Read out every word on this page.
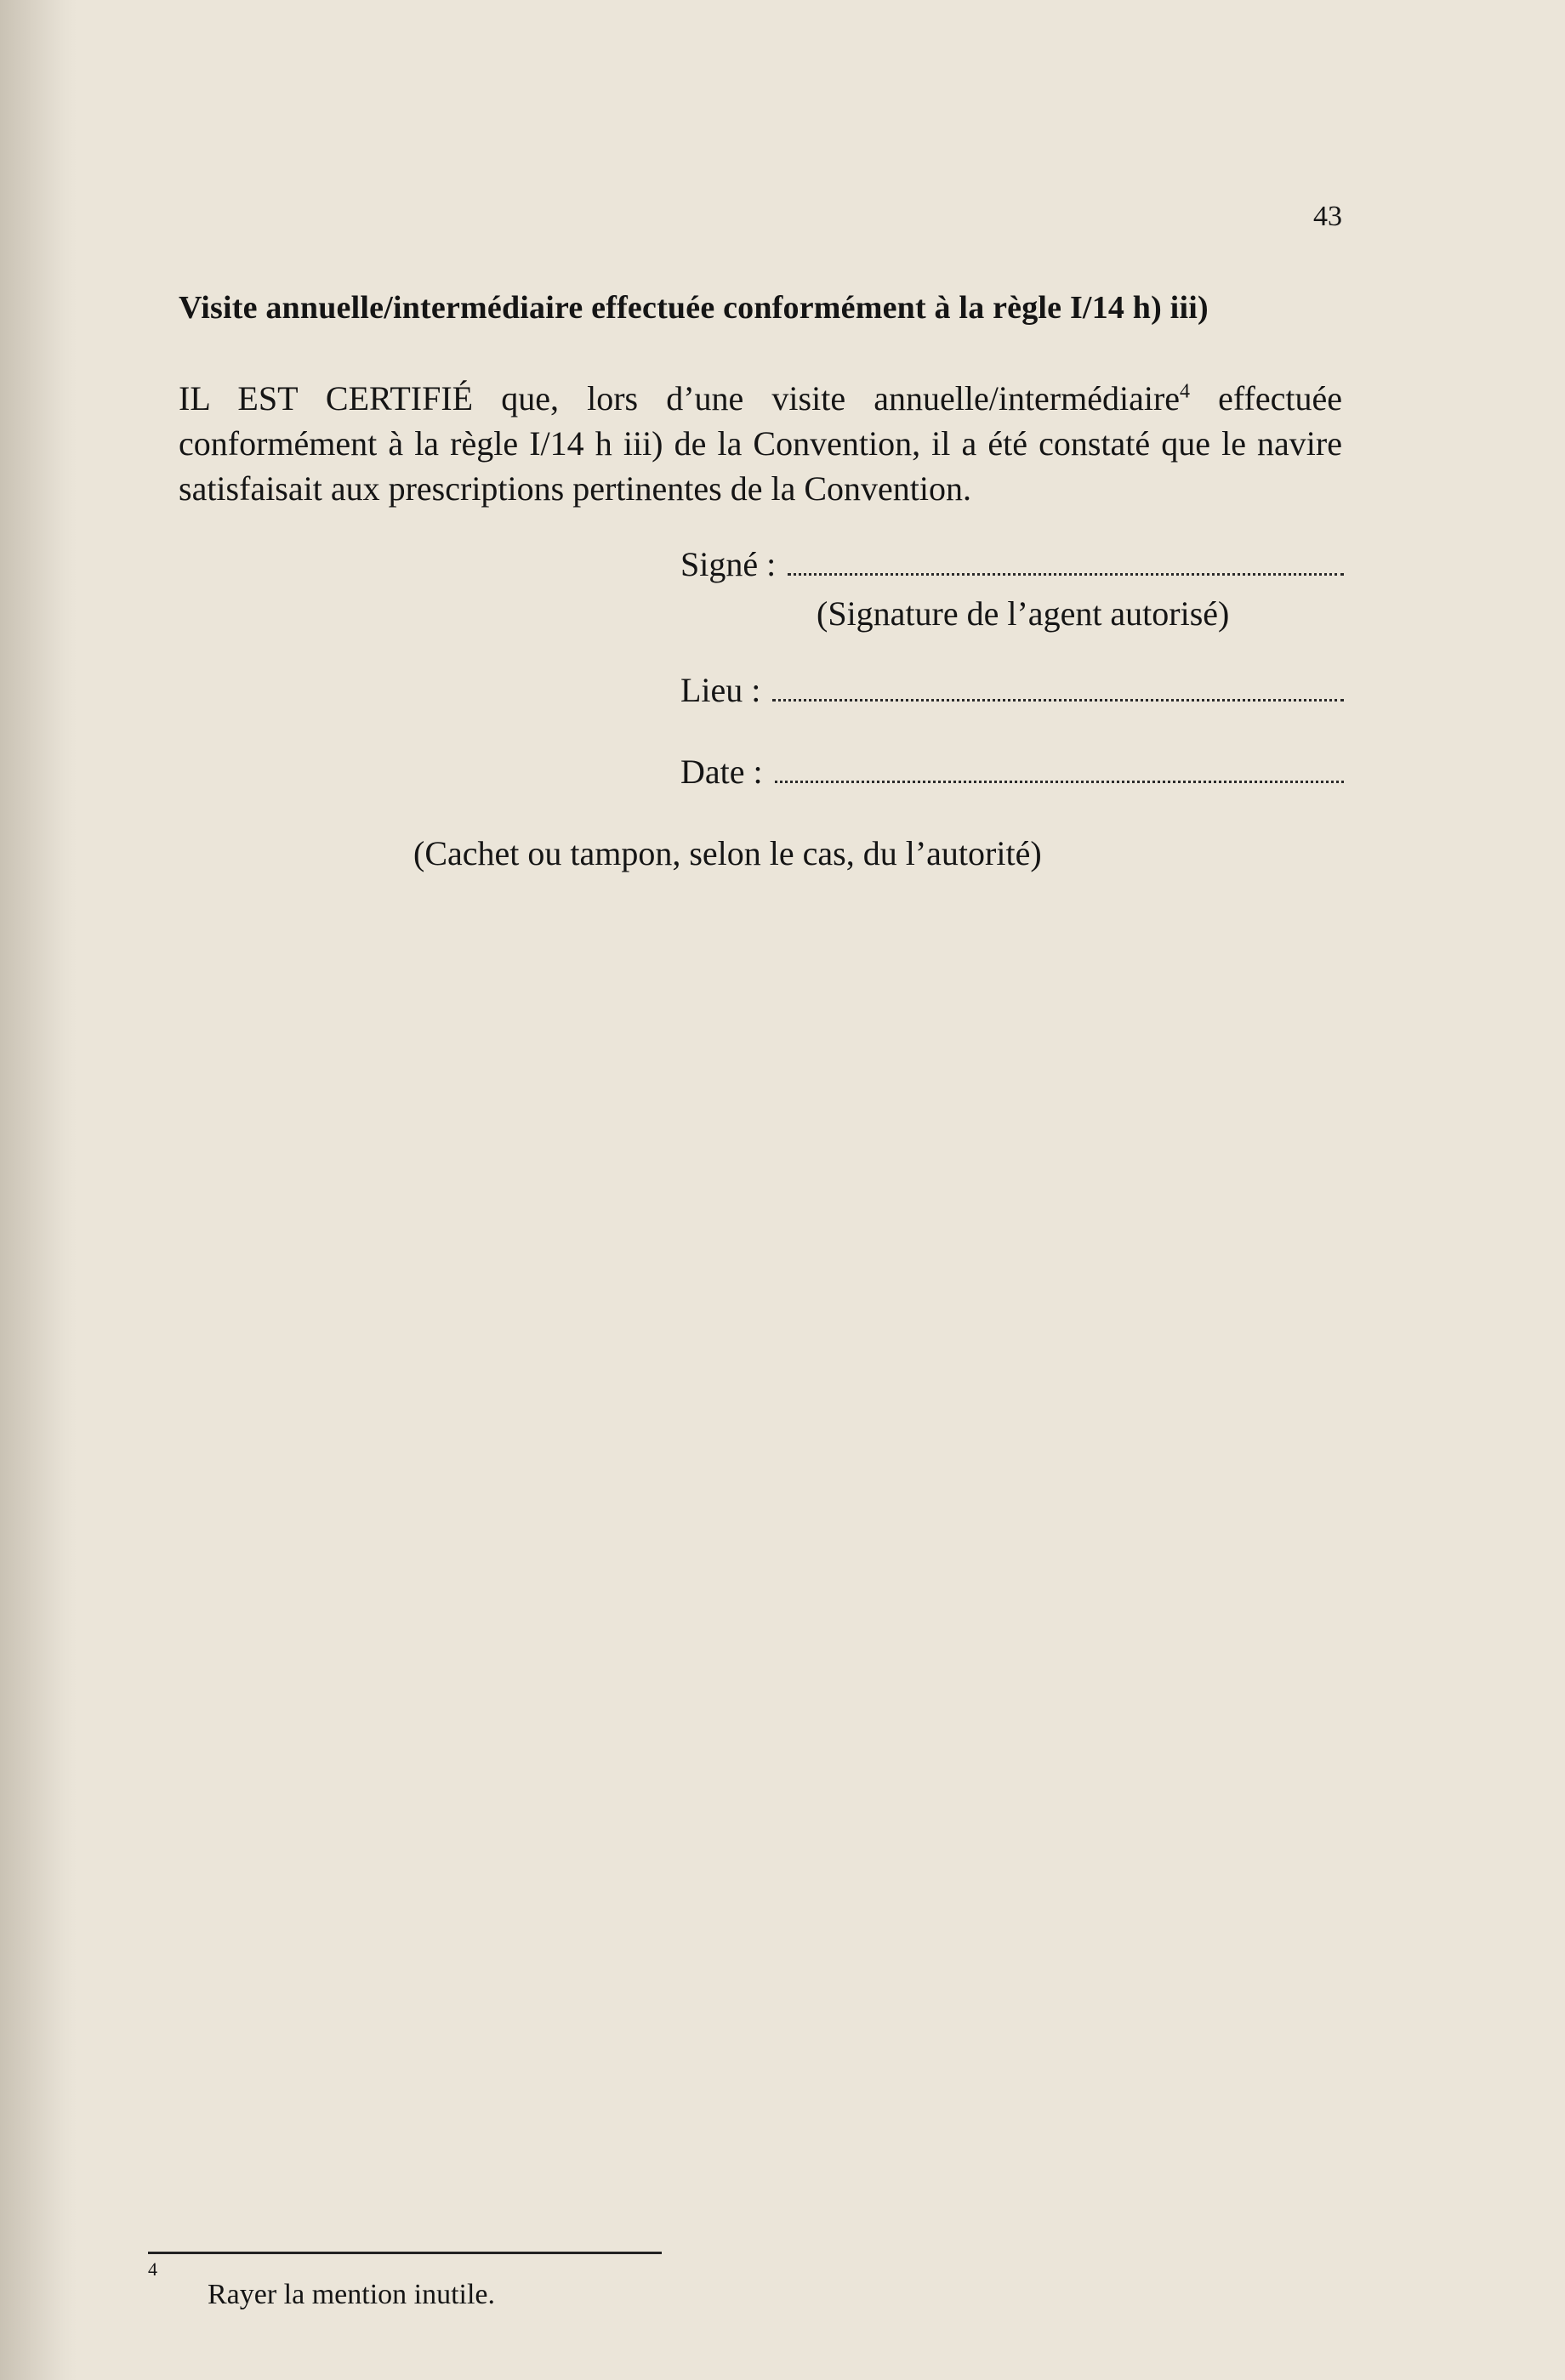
43
Visite annuelle/intermédiaire effectuée conformément à la règle I/14 h) iii)
IL EST CERTIFIÉ que, lors d’une visite annuelle/intermédiaire$^4$ effectuée conformément à la règle I/14 h iii) de la Convention, il a été constaté que le navire satisfaisait aux prescriptions pertinentes de la Convention.
Signé :
(Signature de l’agent autorisé)
Lieu :
Date :
(Cachet ou tampon, selon le cas, du l’autorité)
4
Rayer la mention inutile.
